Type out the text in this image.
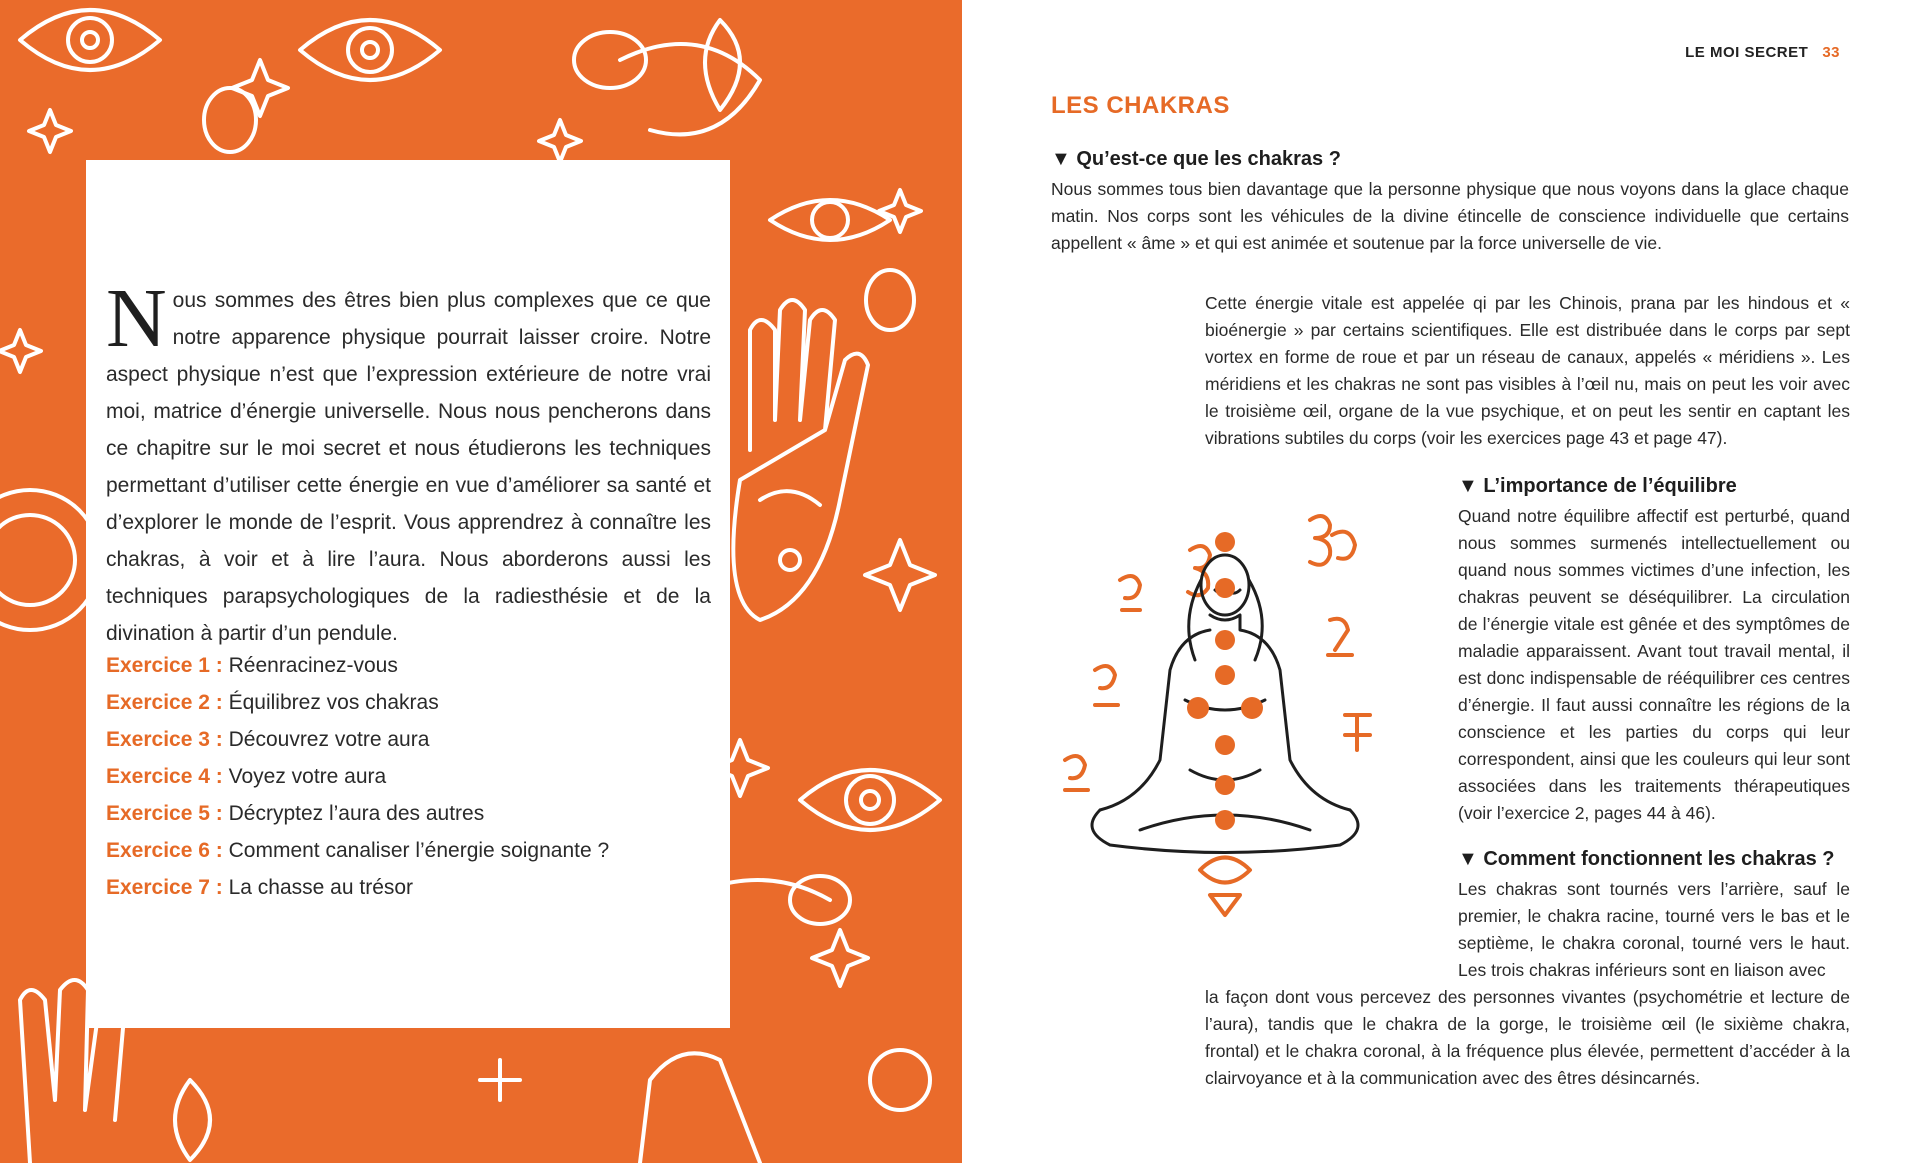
Nous sommes des êtres bien plus complexes que ce que notre apparence physique pourrait laisser croire. Notre aspect physique n’est que l’expression extérieure de notre vrai moi, matrice d’énergie universelle. Nous nous pencherons dans ce chapitre sur le moi secret et nous étudierons les techniques permettant d’utiliser cette énergie en vue d’améliorer sa santé et d’explorer le monde de l’esprit. Vous apprendrez à connaître les chakras, à voir et à lire l’aura. Nous aborderons aussi les techniques parapsychologiques de la radiesthésie et de la divination à partir d’un pendule.

Exercice 1 : Réenracinez-vous
Exercice 2 : Équilibrez vos chakras
Exercice 3 : Découvrez votre aura
Exercice 4 : Voyez votre aura
Exercice 5 : Décryptez l’aura des autres
Exercice 6 : Comment canaliser l’énergie soignante ?
Exercice 7 : La chasse au trésor
LE MOI SECRET 33
LES CHAKRAS
▼ Qu’est-ce que les chakras ?

Nous sommes tous bien davantage que la personne physique que nous voyons dans la glace chaque matin. Nos corps sont les véhicules de la divine étincelle de conscience individuelle que certains appellent « âme » et qui est animée et soutenue par la force universelle de vie.

Cette énergie vitale est appelée qi par les Chinois, prana par les hindous et « bioénergie » par certains scientifiques. Elle est distribuée dans le corps par sept vortex en forme de roue et par un réseau de canaux, appelés « méridiens ». Les méridiens et les chakras ne sont pas visibles à l’œil nu, mais on peut les voir avec le troisième œil, organe de la vue psychique, et on peut les sentir en captant les vibrations subtiles du corps (voir les exercices page 43 et page 47).

▼ L’importance de l’équilibre

Quand notre équilibre affectif est perturbé, quand nous sommes surmenés intellectuellement ou quand nous sommes victimes d’une infection, les chakras peuvent se déséquilibrer. La circulation de l’énergie vitale est gênée et des symptômes de maladie apparaissent. Avant tout travail mental, il est donc indispensable de rééquilibrer ces centres d’énergie. Il faut aussi connaître les régions de la conscience et les parties du corps qui leur correspondent, ainsi que les couleurs qui leur sont associées dans les traitements thérapeutiques (voir l’exercice 2, pages 44 à 46).

▼ Comment fonctionnent les chakras ?

Les chakras sont tournés vers l’arrière, sauf le premier, le chakra racine, tourné vers le bas et le septième, le chakra coronal, tourné vers le haut. Les trois chakras inférieurs sont en liaison avec

la façon dont vous percevez des personnes vivantes (psychométrie et lecture de l’aura), tandis que le chakra de la gorge, le troisième œil (le sixième chakra, frontal) et le chakra coronal, à la fréquence plus élevée, permettent d’accéder à la clairvoyance et à la communication avec des êtres désincarnés.
